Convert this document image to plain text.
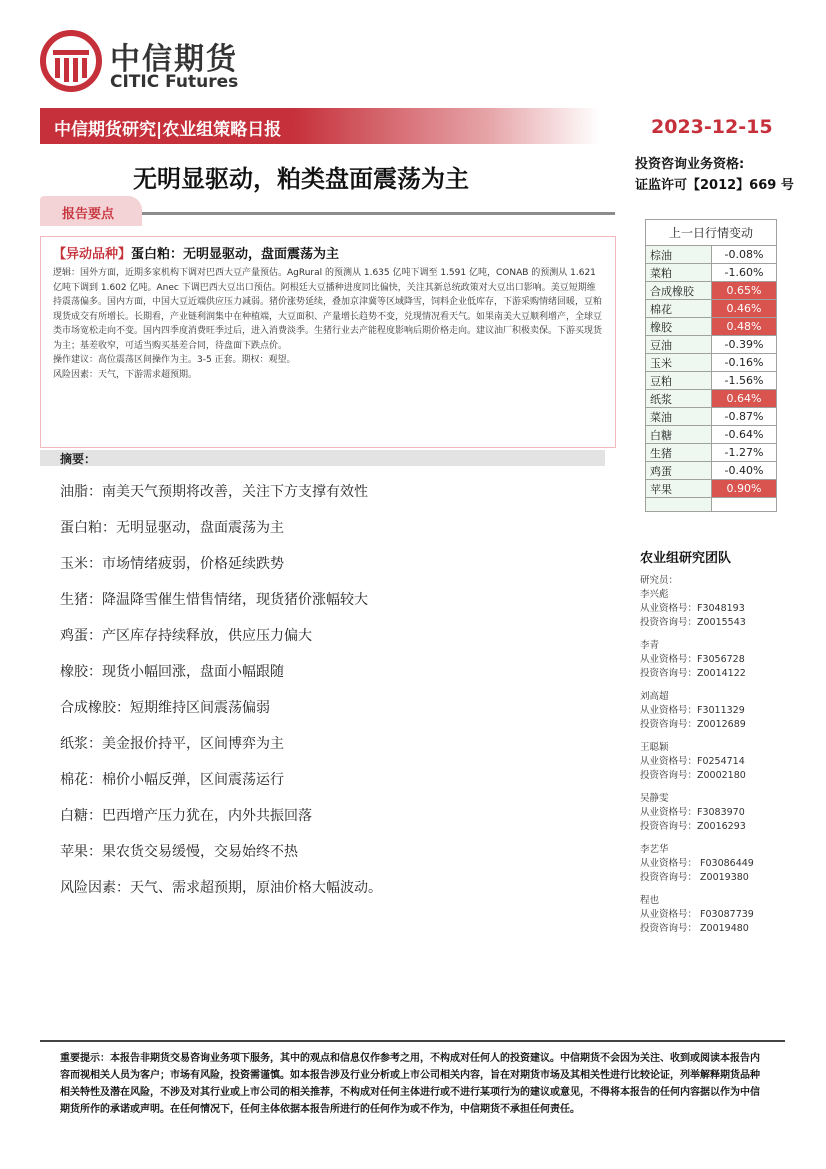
中信期货
CITIC Futures
中信期货研究|农业组策略日报	2023-12-15
无明显驱动，粕类盘面震荡为主
投资咨询业务资格:
证监许可【2012】669 号
报告要点
【异动品种】蛋白粕：无明显驱动，盘面震荡为主

逻辑：国外方面，近期多家机构下调对巴西大豆产量预估。AgRural 的预测从 1.635 亿吨下调至 1.591 亿吨，CONAB 的预测从 1.621 亿吨下调到 1.602 亿吨。Anec 下调巴西大豆出口预估。阿根廷大豆播种进度同比偏快，关注其新总统政策对大豆出口影响。美豆短期维持震荡偏多。国内方面，中国大豆近端供应压力减弱。猪价涨势延续，叠加京津冀等区域降雪，饲料企业低库存，下游采购情绪回暖，豆粕现货成交有所增长。长期看，产业链利润集中在种植端，大豆面积、产量增长趋势不变，兑现情况看天气。如果南美大豆顺利增产，全球豆类市场宽松走向不变。国内四季度消费旺季过后，进入消费淡季。生猪行业去产能程度影响后期价格走向。建议油厂积极卖保。下游买现货为主；基差收窄，可适当购买基差合同，待盘面下跌点价。

操作建议：高位震荡区间操作为主。3-5 正套。期权：观望。

风险因素：天气，下游需求超预期。

摘要：
油脂：南美天气预期将改善，关注下方支撑有效性
蛋白粕：无明显驱动，盘面震荡为主
玉米：市场情绪疲弱，价格延续跌势
生猪：降温降雪催生惜售情绪，现货猪价涨幅较大
鸡蛋：产区库存持续释放，供应压力偏大
橡胶：现货小幅回涨，盘面小幅跟随
合成橡胶：短期维持区间震荡偏弱
纸浆：美金报价持平，区间博弈为主
棉花：棉价小幅反弹，区间震荡运行
白糖：巴西增产压力犹在，内外共振回落
苹果：果农货交易缓慢，交易始终不热
风险因素：天气、需求超预期，原油价格大幅波动。
上一日行情变动	
棕油	-0.08%
菜粕	-1.60%
合成橡胶	0.65%
棉花	0.46%
橡胶	0.48%
豆油	-0.39%
玉米	-0.16%
豆粕	-1.56%
纸浆	0.64%
菜油	-0.87%
白糖	-0.64%
生猪	-1.27%
鸡蛋	-0.40%
苹果	0.90%

农业组研究团队
研究员：
李兴彪
从业资格号：F3048193
投资咨询号：Z0015543
李青
从业资格号：F3056728
投资咨询号：Z0014122
刘高超
从业资格号：F3011329
投资咨询号：Z0012689
王聪颖
从业资格号：F0254714
投资咨询号：Z0002180
吴静雯
从业资格号：F3083970
投资咨询号：Z0016293
李艺华
从业资格号： F03086449
投资咨询号： Z0019380
程也
从业资格号： F03087739
投资咨询号： Z0019480

重要提示：本报告非期货交易咨询业务项下服务，其中的观点和信息仅作参考之用，不构成对任何人的投资建议。中信期货不会因为关注、收到或阅读本报告内容而视相关人员为客户；市场有风险，投资需谨慎。如本报告涉及行业分析或上市公司相关内容，旨在对期货市场及其相关性进行比较论证，列举解释期货品种相关特性及潜在风险，不涉及对其行业或上市公司的相关推荐，不构成对任何主体进行或不进行某项行为的建议或意见，不得将本报告的任何内容据以作为中信期货所作的承诺或声明。在任何情况下，任何主体依据本报告所进行的任何作为或不作为，中信期货不承担任何责任。
